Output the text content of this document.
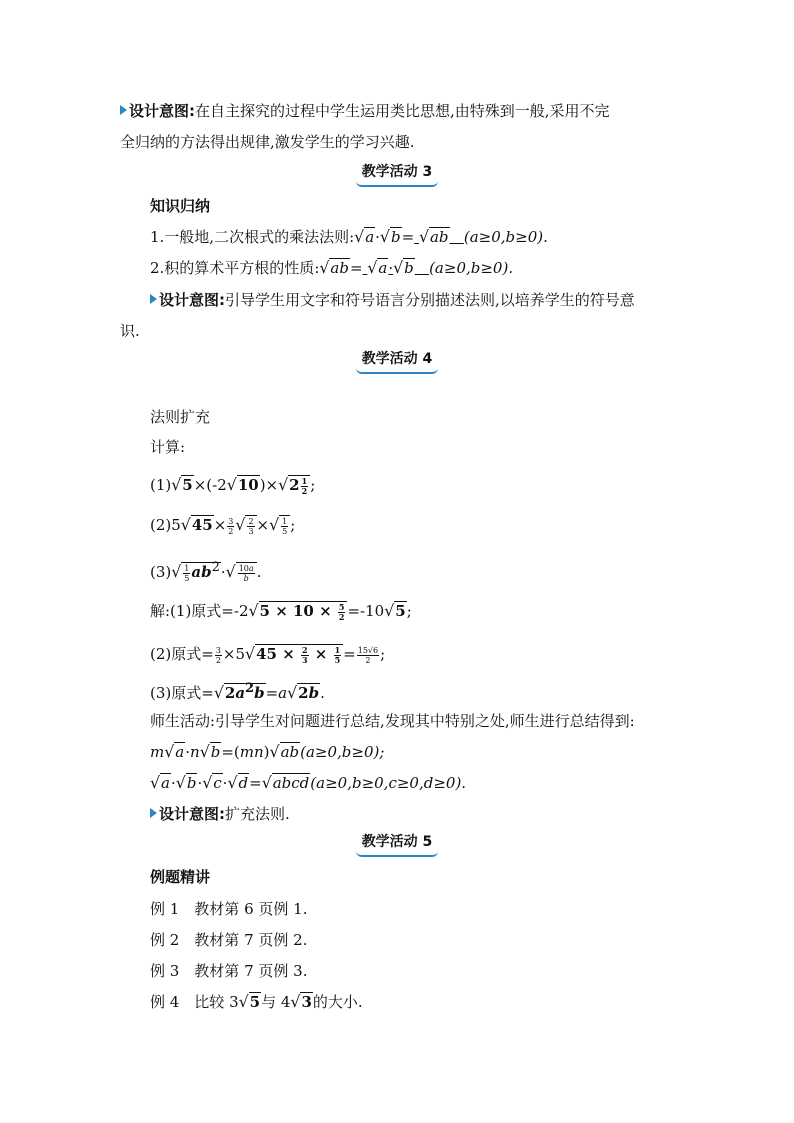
设计意图:在自主探究的过程中学生运用类比思想,由特殊到一般,采用不完
全归纳的方法得出规律,激发学生的学习兴趣.
教学活动 3
知识归纳
1.一般地,二次根式的乘法法则:√a·√b= √ab (a≥0,b≥0).
2.积的算术平方根的性质:√ab= √a·√b (a≥0,b≥0).
设计意图:引导学生用文字和符号语言分别描述法则,以培养学生的符号意
识.
教学活动 4
法则扩充
计算:
$(1)√5\times(-2√10)\times√2 \frac{1}{2}$ ;
$(2)5√45\times \frac{3}{2}$ √ $\frac{2}{3}$ ×√ $\frac{1}{5}$ ;
$(3)√ \frac{1}{5} ab^2\cdot√ \frac{10a}{b}$ .
解:(1)原式$=-2√5 \times 10 \times \frac{5}{2} =-10√5$;
(2)原式= $\frac{3}{2} \times 5√45 \times \frac{2}{3} \times \frac{1}{5} = \frac{15√6}{2}$ ;
(3)原式$=√2a^2b=a√2b$.
师生活动:引导学生对问题进行总结,发现其中特别之处,师生进行总结得到:
m√a·n√b=(mn)√ab(a≥0,b≥0);
√a·√b·√c·√d=√abcd(a≥0,b≥0,c≥0,d≥0).
设计意图:扩充法则.
教学活动 5
例题精讲
例 1　教材第 6 页例 1.
例 2　教材第 7 页例 2.
例 3　教材第 7 页例 3.
例 4　比较 3√5与 4√3的大小.
